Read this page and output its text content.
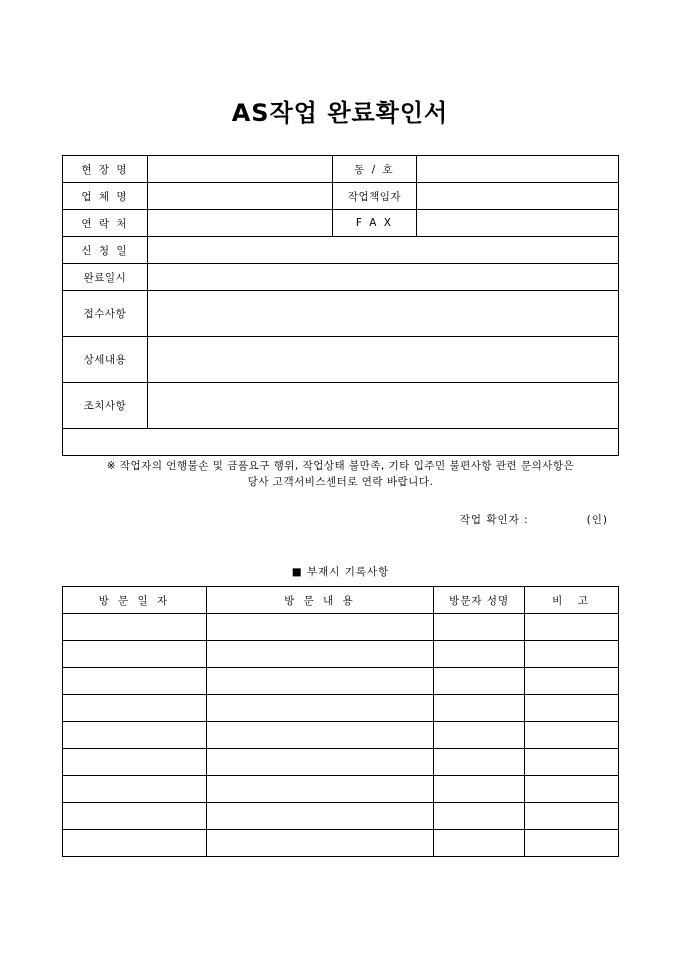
AS작업 완료확인서
현 장 명		동 / 호	
업 체 명		작업책임자	
연 락 처		F A X	
신 청 일			
완료일시			
접수사항			
상세내용			
조치사항			

※ 작업자의 언행불손 및 금품요구 행위, 작업상태 불만족, 기타 입주민 불편사항 관련 문의사항은
당사 고객서비스센터로 연락 바랍니다.
작업 확인자 : (인)
■ 부재시 기록사항			
방 문 일 자	방 문 내 용	방문자 성명	비  고
